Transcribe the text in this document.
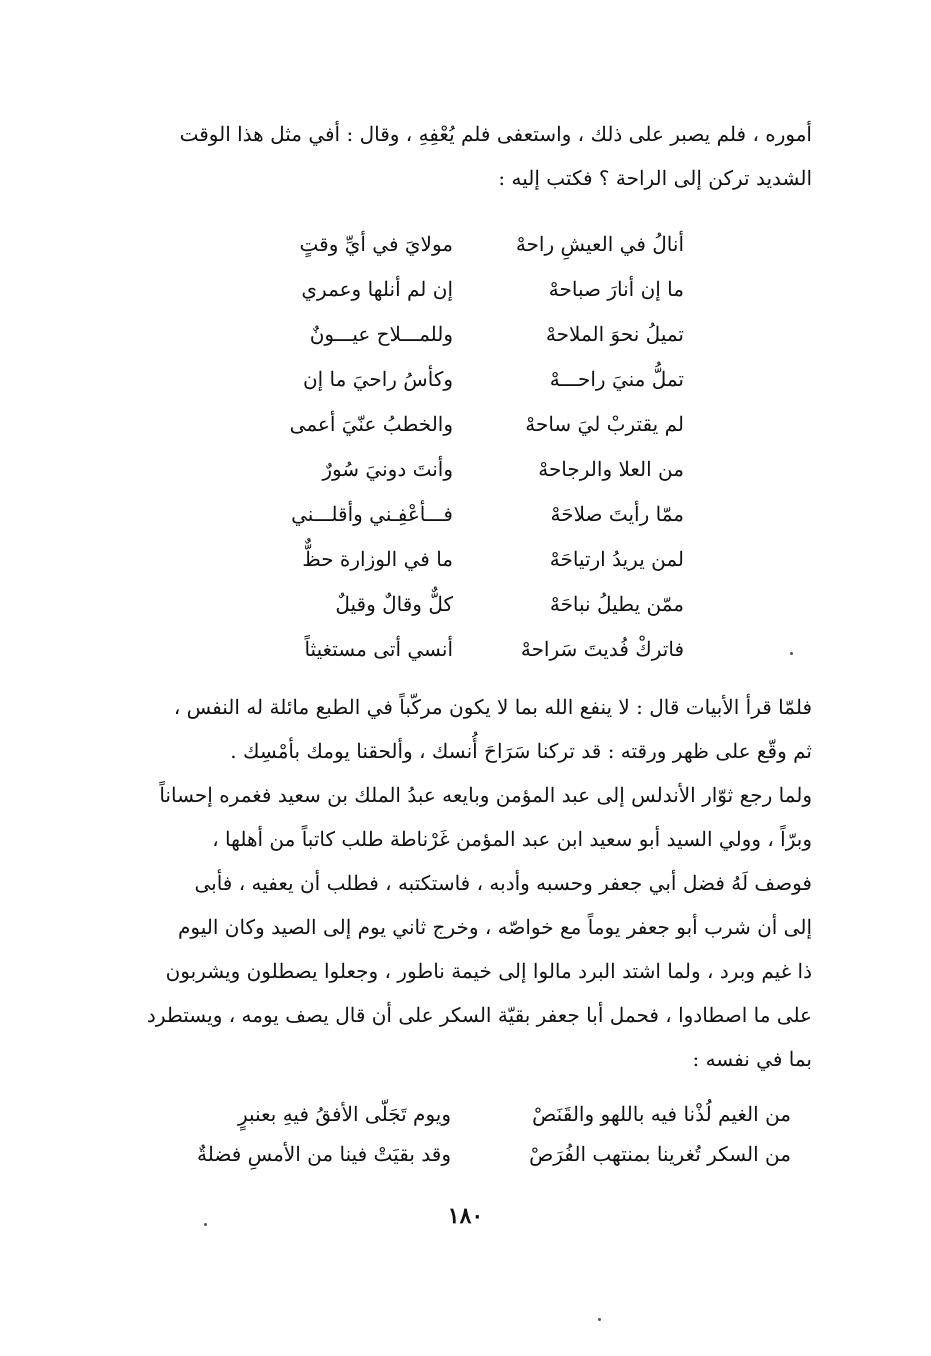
أموره ، فلم يصبر على ذلك ، واستعفى فلم يُعْفِهِ ، وقال : أفي مثل هذا الوقت

الشديد تركن إلى الراحة ؟ فكتب إليه :

مولايَ في أيِّ وقتٍ	أنالُ في العيشِ راحهْ
إن لم أنلها وعمري	ما إن أنارَ صباحهْ
وللمـــلاح عيـــونٌ	تميلُ نحوَ الملاحهْ
وكأسُ راحيَ ما إن	تملُّ منيَ راحـــهْ
والخطبُ عنّيَ أعمى	لم يقتربْ ليَ ساحهْ
وأنتَ دونيَ سُورٌ	من العلا والرجاحهْ
فـــأعْفِـني وأقلـــني	ممّا رأيتَ صلاحَهْ
ما في الوزارة حظٌّ	لمن يريدُ ارتياحَهْ
كلٌّ وقالٌ وقيلٌ	ممّن يطيلُ نباحَهْ
أنسي أتى مستغيثاً	فاتركْ فُديتَ سَراحهْ

فلمّا قرأ الأبيات قال : لا ينفع الله بما لا يكون مركّباً في الطبع مائلة له النفس ،

ثم وقّع على ظهر ورقته : قد تركنا سَرَاحَ أُنسك ، وألحقنا يومك بأمْسِك .

ولما رجع ثوّار الأندلس إلى عبد المؤمن وبايعه عبدُ الملك بن سعيد فغمره إحساناً

وبرّاً ، وولي السيد أبو سعيد ابن عبد المؤمن غَرْناطة طلب كاتباً من أهلها ،

فوصف لَهُ فضل أبي جعفر وحسبه وأدبه ، فاستكتبه ، فطلب أن يعفيه ، فأبى

إلى أن شرب أبو جعفر يوماً مع خواصّه ، وخرج ثاني يوم إلى الصيد وكان اليوم

ذا غيم وبرد ، ولما اشتد البرد مالوا إلى خيمة ناطور ، وجعلوا يصطلون ويشربون

على ما اصطادوا ، فحمل أبا جعفر بقيّة السكر على أن قال يصف يومه ، ويستطرد

بما في نفسه :

ويوم تَجَلّى الأفقُ فيهِ بعنبرٍ	من الغيم لُذْنا فيه باللهو والقَنَصْ
وقد بقيَتْ فينا من الأمسِ فضلةٌ	من السكر تُغرينا بمنتهب الفُرَصْ
١٨٠
